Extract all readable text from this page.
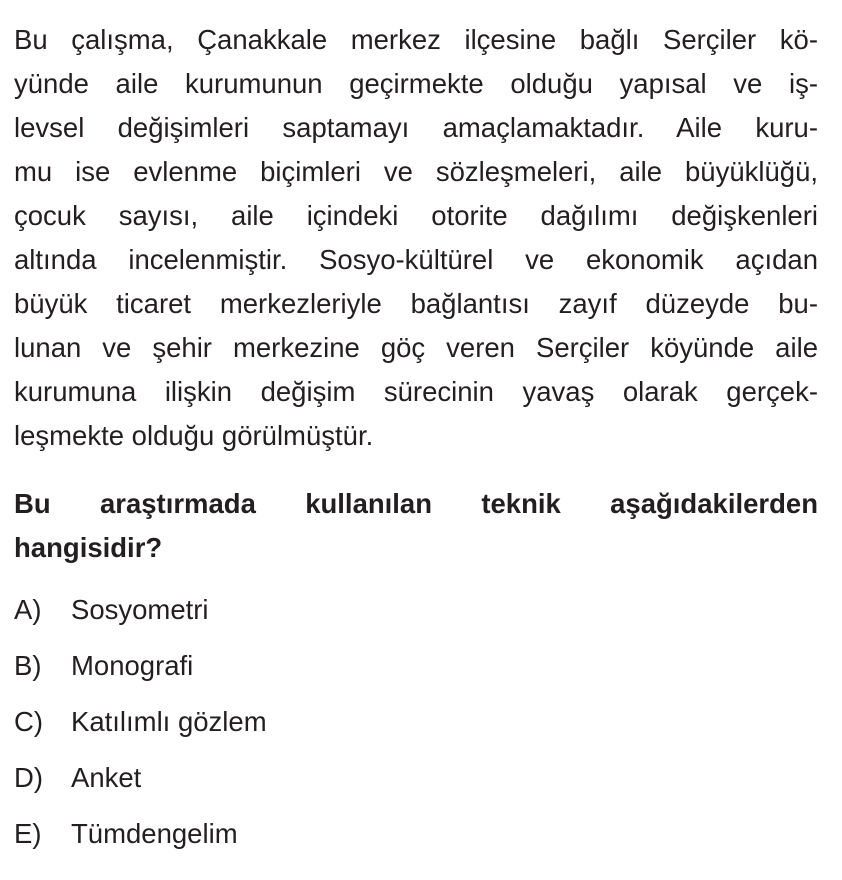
Bu çalışma, Çanakkale merkez ilçesine bağlı Serçiler kö-
yünde aile kurumunun geçirmekte olduğu yapısal ve iş-
levsel değişimleri saptamayı amaçlamaktadır. Aile kuru-
mu ise evlenme biçimleri ve sözleşmeleri, aile büyüklüğü,
çocuk sayısı, aile içindeki otorite dağılımı değişkenleri
altında incelenmiştir. Sosyo-kültürel ve ekonomik açıdan
büyük ticaret merkezleriyle bağlantısı zayıf düzeyde bu-
lunan ve şehir merkezine göç veren Serçiler köyünde aile
kurumuna ilişkin değişim sürecinin yavaş olarak gerçek-
leşmekte olduğu görülmüştür.
Bu araştırmada kullanılan teknik aşağıdakilerden
hangisidir?
A)	Sosyometri
B)	Monografi
C)	Katılımlı gözlem
D)	Anket
E)	Tümdengelim
